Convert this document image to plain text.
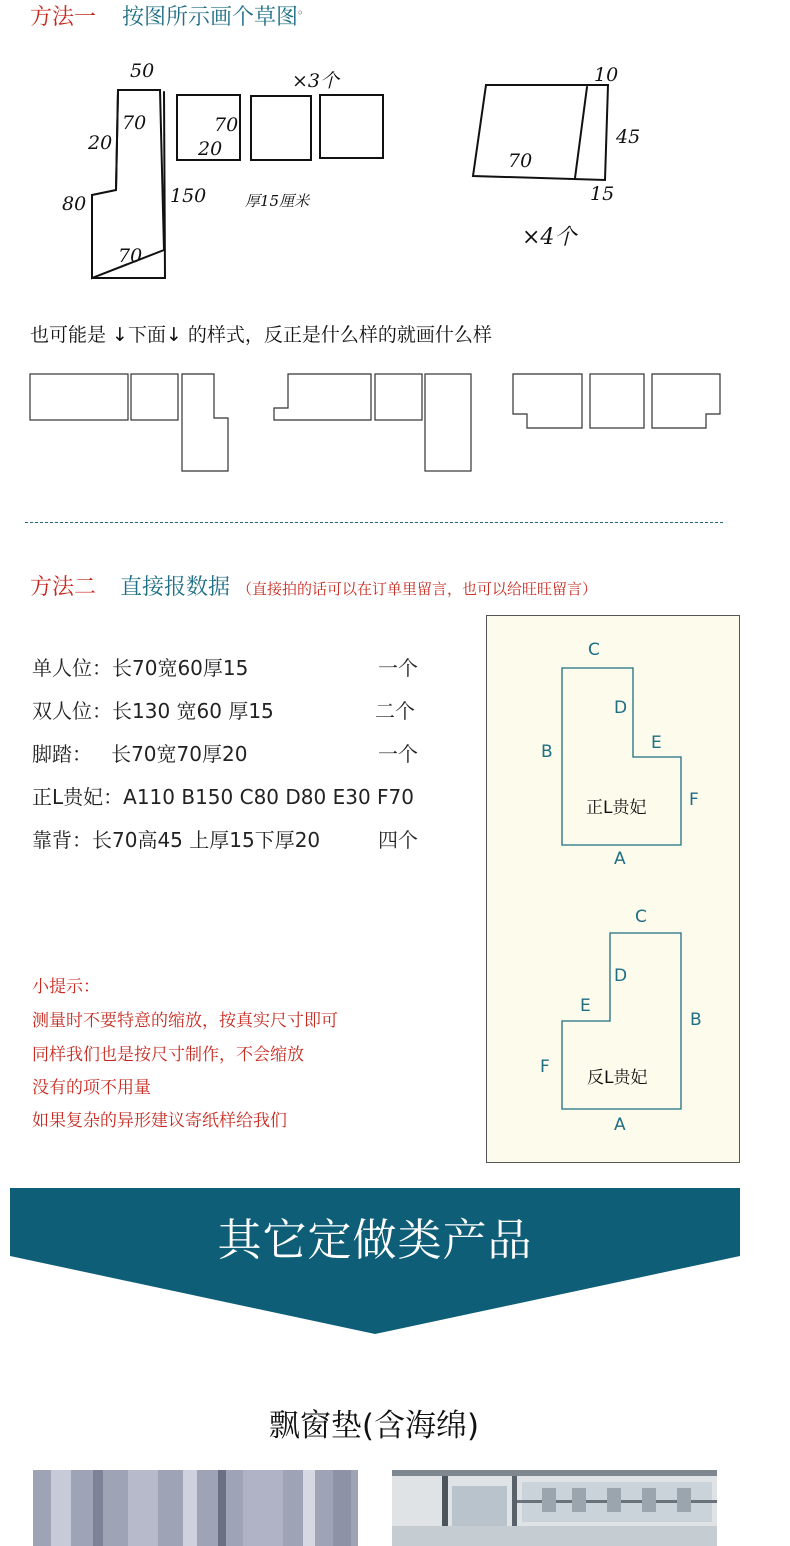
方法一 按图所示画个草图。
50
70
20
80
70
150
70
20
×3个
厚15厘米
10
45
70
15
×4个
也可能是 ↓下面↓ 的样式，反正是什么样的就画什么样
方法二 直接报数据 （直接拍的话可以在订单里留言，也可以给旺旺留言）
单人位：长70宽60厚15	一个
双人位：长130 宽60 厚15	二个
脚踏：   长70宽70厚20	一个
正L贵妃：A110 B150 C80 D80 E30 F70
靠背：长70高45 上厚15下厚20	四个
小提示：
测量时不要特意的缩放，按真实尺寸即可
同样我们也是按尺寸制作，不会缩放
没有的项不用量
如果复杂的异形建议寄纸样给我们
C
D
E
B
F
A
正L贵妃
C
D
E
B
F
A
反L贵妃
其它定做类产品
飘窗垫(含海绵)
